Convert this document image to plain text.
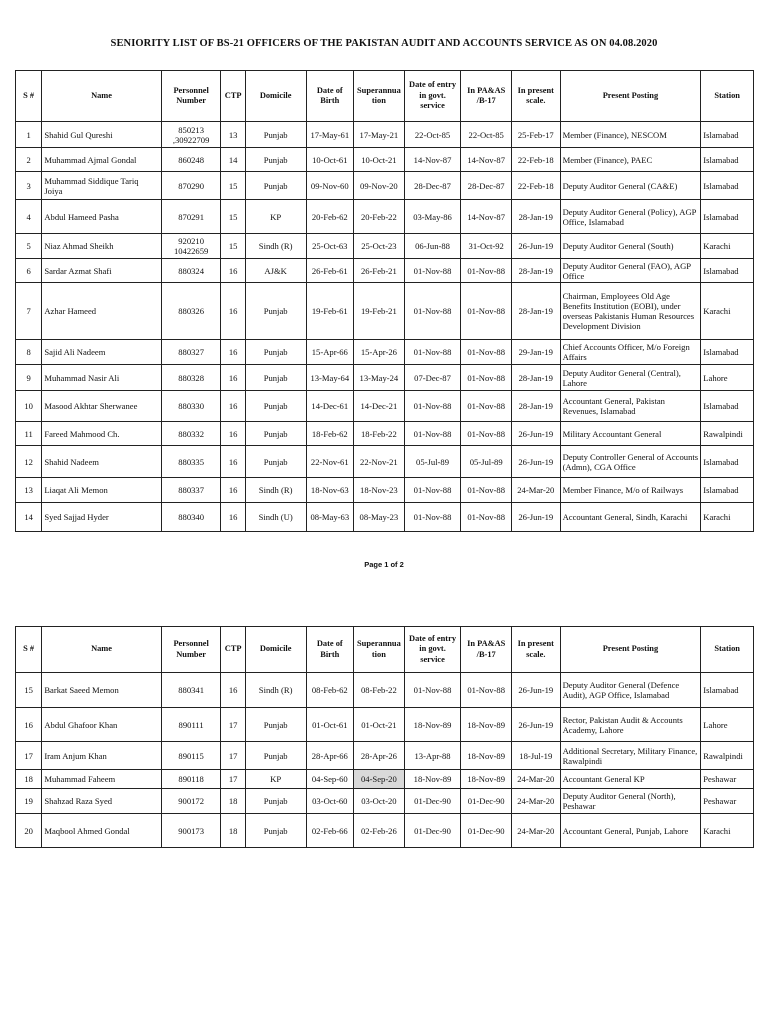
SENIORITY LIST OF BS-21 OFFICERS OF THE PAKISTAN AUDIT AND ACCOUNTS SERVICE AS ON 04.08.2020
S #	Name	Personnel Number	CTP	Domicile	Date of Birth	Superannua tion	Date of entry in govt. service	In PA&AS /B-17	In present scale.	Present Posting	Station
1	Shahid Gul Qureshi	850213 ,30922709	13	Punjab	17-May-61	17-May-21	22-Oct-85	22-Oct-85	25-Feb-17	Member (Finance), NESCOM	Islamabad
2	Muhammad Ajmal Gondal	860248	14	Punjab	10-Oct-61	10-Oct-21	14-Nov-87	14-Nov-87	22-Feb-18	Member (Finance), PAEC	Islamabad
3	Muhammad Siddique Tariq Joiya	870290	15	Punjab	09-Nov-60	09-Nov-20	28-Dec-87	28-Dec-87	22-Feb-18	Deputy Auditor General (CA&E)	Islamabad
4	Abdul Hameed Pasha	870291	15	KP	20-Feb-62	20-Feb-22	03-May-86	14-Nov-87	28-Jan-19	Deputy Auditor General (Policy), AGP Office, Islamabad	Islamabad
5	Niaz Ahmad Sheikh	920210 10422659	15	Sindh (R)	25-Oct-63	25-Oct-23	06-Jun-88	31-Oct-92	26-Jun-19	Deputy Auditor General (South)	Karachi
6	Sardar Azmat Shafi	880324	16	AJ&K	26-Feb-61	26-Feb-21	01-Nov-88	01-Nov-88	28-Jan-19	Deputy Auditor General (FAO), AGP Office	Islamabad
7	Azhar Hameed	880326	16	Punjab	19-Feb-61	19-Feb-21	01-Nov-88	01-Nov-88	28-Jan-19	Chairman, Employees Old Age Benefits Institution (EOBI), under overseas Pakistanis Human Resources Development Division	Karachi
8	Sajid Ali Nadeem	880327	16	Punjab	15-Apr-66	15-Apr-26	01-Nov-88	01-Nov-88	29-Jan-19	Chief Accounts Officer, M/o Foreign Affairs	Islamabad
9	Muhammad Nasir Ali	880328	16	Punjab	13-May-64	13-May-24	07-Dec-87	01-Nov-88	28-Jan-19	Deputy Auditor General (Central), Lahore	Lahore
10	Masood Akhtar Sherwanee	880330	16	Punjab	14-Dec-61	14-Dec-21	01-Nov-88	01-Nov-88	28-Jan-19	Accountant General, Pakistan Revenues, Islamabad	Islamabad
11	Fareed Mahmood Ch.	880332	16	Punjab	18-Feb-62	18-Feb-22	01-Nov-88	01-Nov-88	26-Jun-19	Military Accountant General	Rawalpindi
12	Shahid Nadeem	880335	16	Punjab	22-Nov-61	22-Nov-21	05-Jul-89	05-Jul-89	26-Jun-19	Deputy Controller General of Accounts (Admn), CGA Office	Islamabad
13	Liaqat Ali Memon	880337	16	Sindh (R)	18-Nov-63	18-Nov-23	01-Nov-88	01-Nov-88	24-Mar-20	Member Finance, M/o of Railways	Islamabad
14	Syed Sajjad Hyder	880340	16	Sindh (U)	08-May-63	08-May-23	01-Nov-88	01-Nov-88	26-Jun-19	Accountant General, Sindh, Karachi	Karachi
Page 1 of 2
S #	Name	Personnel Number	CTP	Domicile	Date of Birth	Superannua tion	Date of entry in govt. service	In PA&AS /B-17	In present scale.	Present Posting	Station
15	Barkat Saeed Memon	880341	16	Sindh (R)	08-Feb-62	08-Feb-22	01-Nov-88	01-Nov-88	26-Jun-19	Deputy Auditor General (Defence Audit), AGP Office, Islamabad	Islamabad
16	Abdul Ghafoor Khan	890111	17	Punjab	01-Oct-61	01-Oct-21	18-Nov-89	18-Nov-89	26-Jun-19	Rector, Pakistan Audit & Accounts Academy, Lahore	Lahore
17	Iram Anjum Khan	890115	17	Punjab	28-Apr-66	28-Apr-26	13-Apr-88	18-Nov-89	18-Jul-19	Additional Secretary, Military Finance, Rawalpindi	Rawalpindi
18	Muhammad Faheem	890118	17	KP	04-Sep-60	04-Sep-20	18-Nov-89	18-Nov-89	24-Mar-20	Accountant General KP	Peshawar
19	Shahzad Raza Syed	900172	18	Punjab	03-Oct-60	03-Oct-20	01-Dec-90	01-Dec-90	24-Mar-20	Deputy Auditor General (North), Peshawar	Peshawar
20	Maqbool Ahmed Gondal	900173	18	Punjab	02-Feb-66	02-Feb-26	01-Dec-90	01-Dec-90	24-Mar-20	Accountant General, Punjab, Lahore	Karachi
